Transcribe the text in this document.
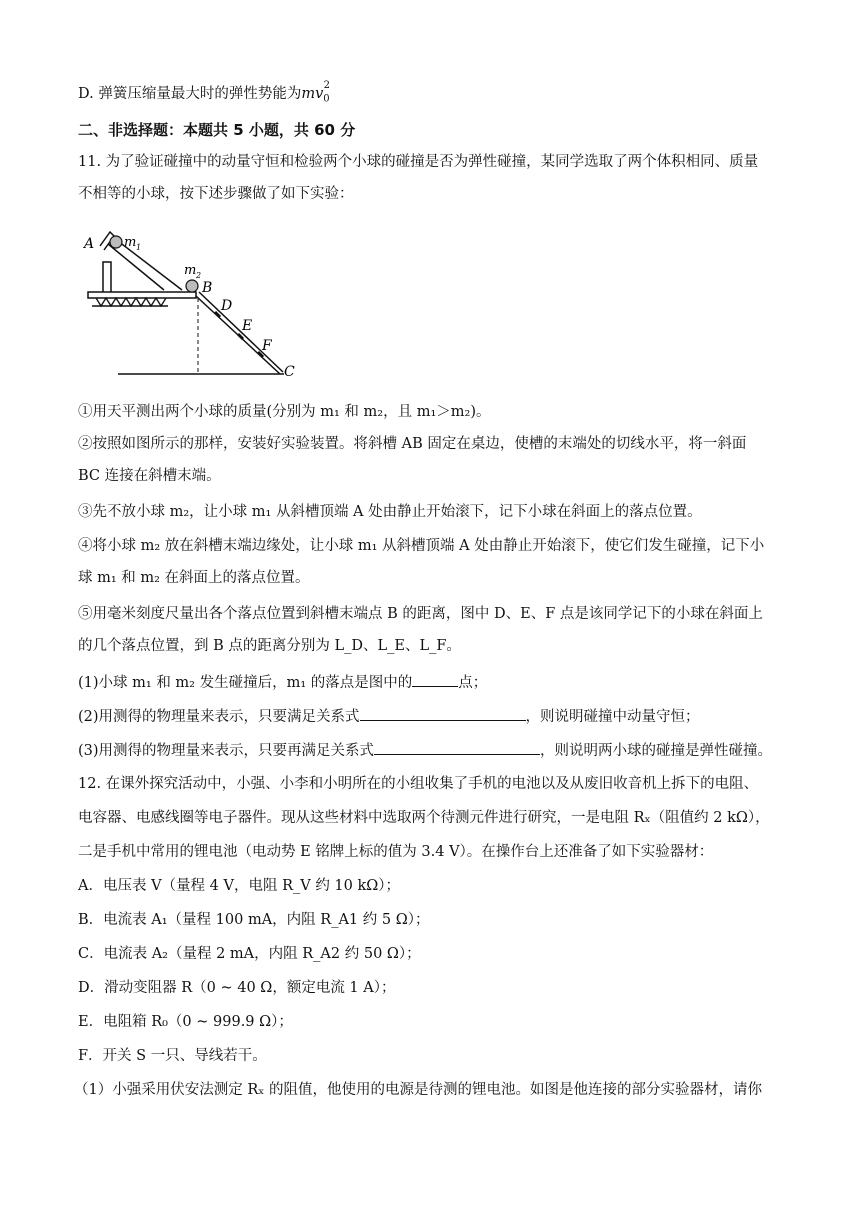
D. 弹簧压缩量最大时的弹性势能为$mv_0^2$
二、非选择题：本题共 5 小题，共 60 分
11. 为了验证碰撞中的动量守恒和检验两个小球的碰撞是否为弹性碰撞，某同学选取了两个体积相同、质量
不相等的小球，按下述步骤做了如下实验：
A m 1
m 2
B
D
E
F
C
①用天平测出两个小球的质量(分别为 m₁ 和 m₂，且 m₁＞m₂)。
②按照如图所示的那样，安装好实验装置。将斜槽 AB 固定在桌边，使槽的末端处的切线水平，将一斜面
BC 连接在斜槽末端。
③先不放小球 m₂，让小球 m₁ 从斜槽顶端 A 处由静止开始滚下，记下小球在斜面上的落点位置。
④将小球 m₂ 放在斜槽末端边缘处，让小球 m₁ 从斜槽顶端 A 处由静止开始滚下，使它们发生碰撞，记下小
球 m₁ 和 m₂ 在斜面上的落点位置。
⑤用毫米刻度尺量出各个落点位置到斜槽末端点 B 的距离，图中 D、E、F 点是该同学记下的小球在斜面上
的几个落点位置，到 B 点的距离分别为 L_D、L_E、L_F。
(1)小球 m₁ 和 m₂ 发生碰撞后，m₁ 的落点是图中的	点；
(2)用测得的物理量来表示，只要满足关系式	，则说明碰撞中动量守恒；
(3)用测得的物理量来表示，只要再满足关系式	，则说明两小球的碰撞是弹性碰撞。
12. 在课外探究活动中，小强、小李和小明所在的小组收集了手机的电池以及从废旧收音机上拆下的电阻、
电容器、电感线圈等电子器件。现从这些材料中选取两个待测元件进行研究，一是电阻 Rₓ（阻值约 2 kΩ），
二是手机中常用的锂电池（电动势 E 铭牌上标的值为 3.4 V）。在操作台上还准备了如下实验器材：
A．电压表 V（量程 4 V，电阻 R_V 约 10 kΩ）；
B．电流表 A₁（量程 100 mA，内阻 R_A1 约 5 Ω）；
C．电流表 A₂（量程 2 mA，内阻 R_A2 约 50 Ω）；
D．滑动变阻器 R（0 ~ 40 Ω，额定电流 1 A）；
E．电阻箱 R₀（0 ~ 999.9 Ω）；
F．开关 S 一只、导线若干。
（1）小强采用伏安法测定 Rₓ 的阻值，他使用的电源是待测的锂电池。如图是他连接的部分实验器材，请你
